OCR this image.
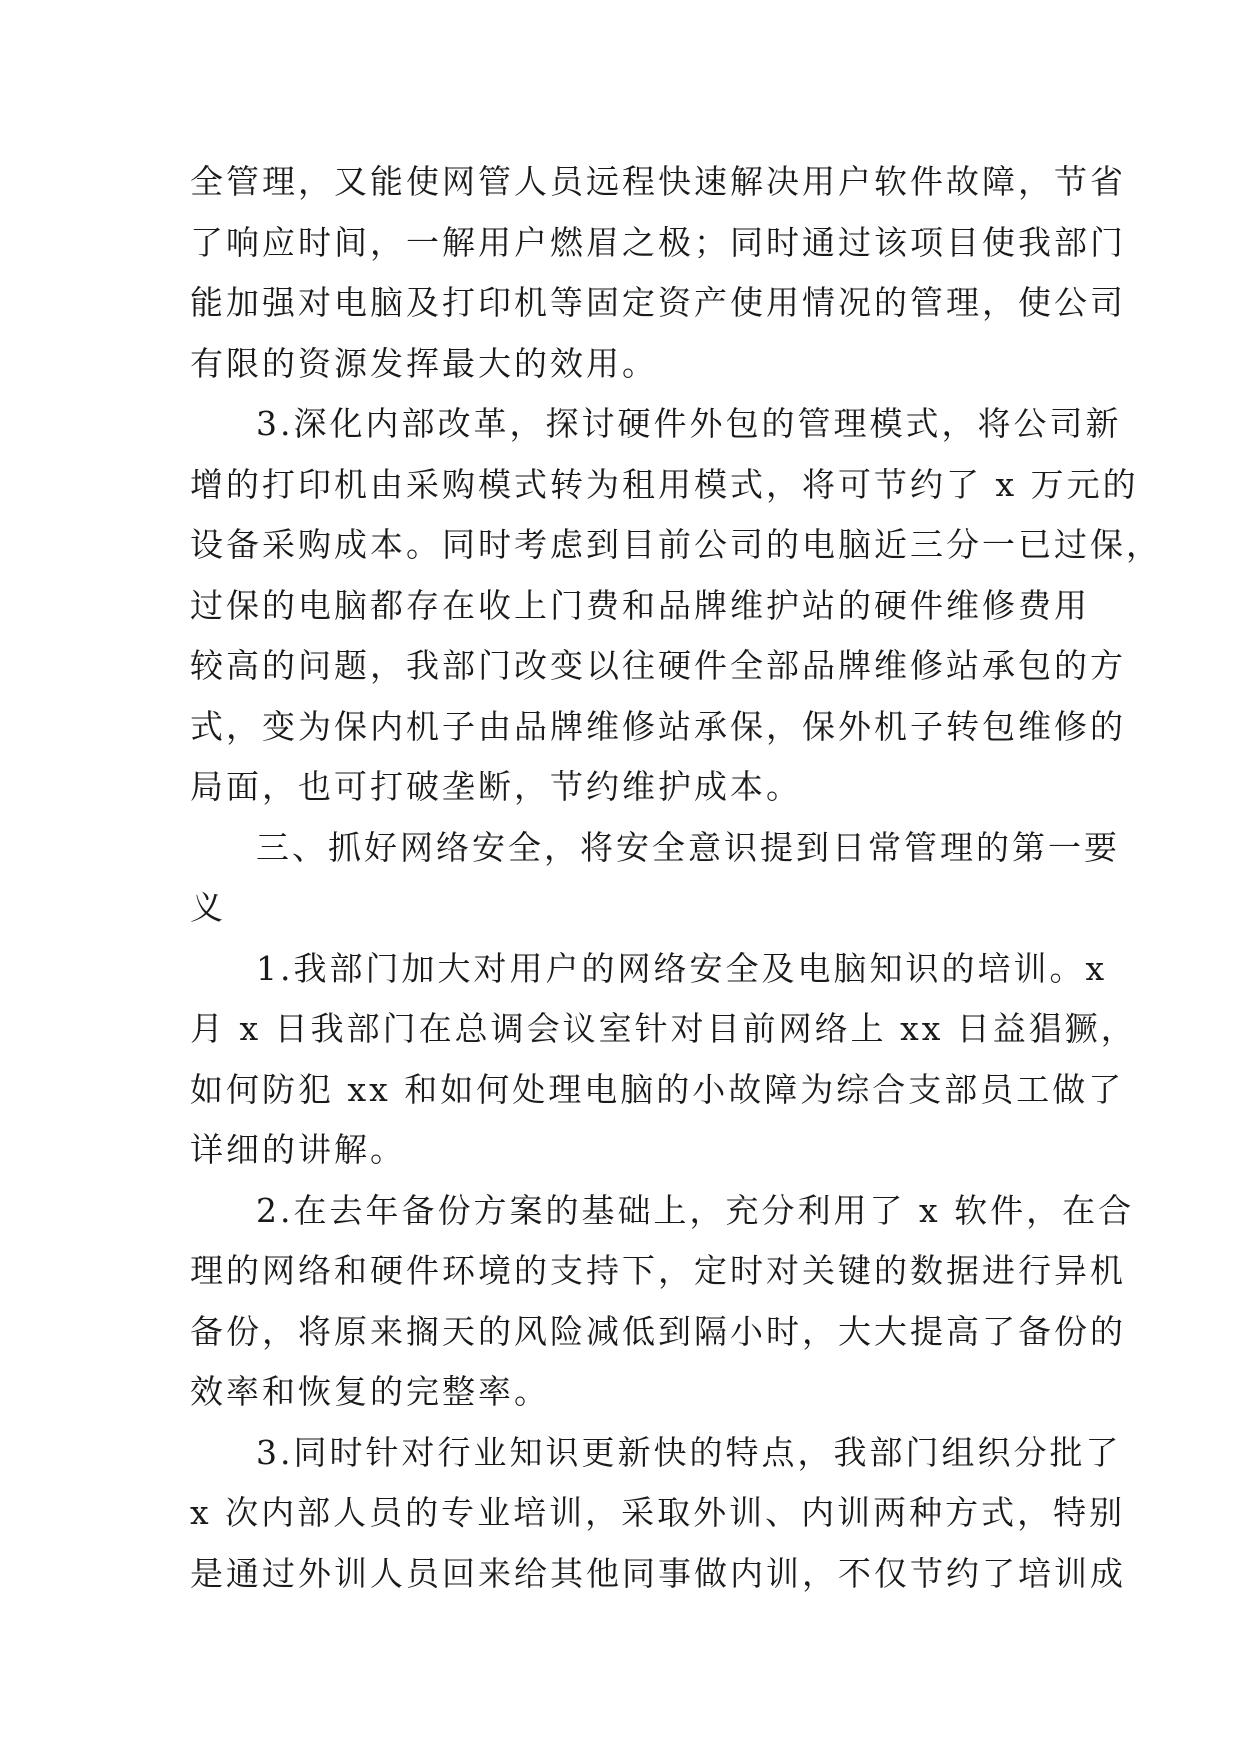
全管理，又能使网管人员远程快速解决用户软件故障，节省
了响应时间，一解用户燃眉之极；同时通过该项目使我部门
能加强对电脑及打印机等固定资产使用情况的管理，使公司
有限的资源发挥最大的效用。
3.深化内部改革，探讨硬件外包的管理模式，将公司新
增的打印机由采购模式转为租用模式，将可节约了 x 万元的
设备采购成本。同时考虑到目前公司的电脑近三分一已过保，
过保的电脑都存在收上门费和品牌维护站的硬件维修费用
较高的问题，我部门改变以往硬件全部品牌维修站承包的方
式，变为保内机子由品牌维修站承保，保外机子转包维修的
局面，也可打破垄断，节约维护成本。
三、抓好网络安全，将安全意识提到日常管理的第一要
义
1.我部门加大对用户的网络安全及电脑知识的培训。x
月 x 日我部门在总调会议室针对目前网络上 xx 日益猖獗，
如何防犯 xx 和如何处理电脑的小故障为综合支部员工做了
详细的讲解。
2.在去年备份方案的基础上，充分利用了 x 软件，在合
理的网络和硬件环境的支持下，定时对关键的数据进行异机
备份，将原来搁天的风险减低到隔小时，大大提高了备份的
效率和恢复的完整率。
3.同时针对行业知识更新快的特点，我部门组织分批了
x 次内部人员的专业培训，采取外训、内训两种方式，特别
是通过外训人员回来给其他同事做内训，不仅节约了培训成
